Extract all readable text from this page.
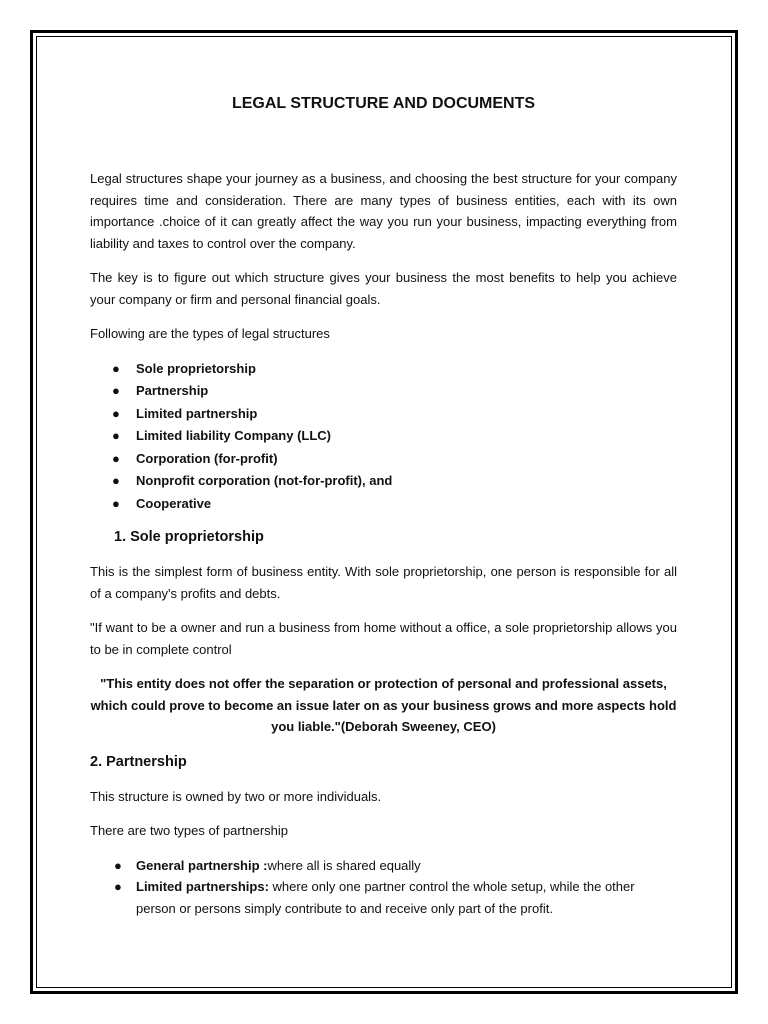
LEGAL STRUCTURE AND DOCUMENTS

Legal structures shape your journey as a business, and choosing the best structure for your company requires time and consideration. There are many types of business entities, each with its own importance .choice of it can greatly affect the way you run your business, impacting everything from liability and taxes to control over the company.

The key is to figure out which structure gives your business the most benefits to help you achieve your company or firm and personal financial goals.

Following are the types of legal structures

● Sole proprietorship
● Partnership
● Limited partnership
● Limited liability Company (LLC)
● Corporation (for-profit)
● Nonprofit corporation (not-for-profit), and
● Cooperative
1. Sole proprietorship

This is the simplest form of business entity. With sole proprietorship, one person is responsible for all of a company's profits and debts.

"If want to be a owner and run a business from home without a office, a sole proprietorship allows you to be in complete control

"This entity does not offer the separation or protection of personal and professional assets, which could prove to become an issue later on as your business grows and more aspects hold you liable."(Deborah Sweeney, CEO)
2. Partnership

This structure is owned by two or more individuals.

There are two types of partnership

● General partnership :where all is shared equally
● Limited partnerships: where only one partner control the whole setup, while the other person or persons simply contribute to and receive only part of the profit.
